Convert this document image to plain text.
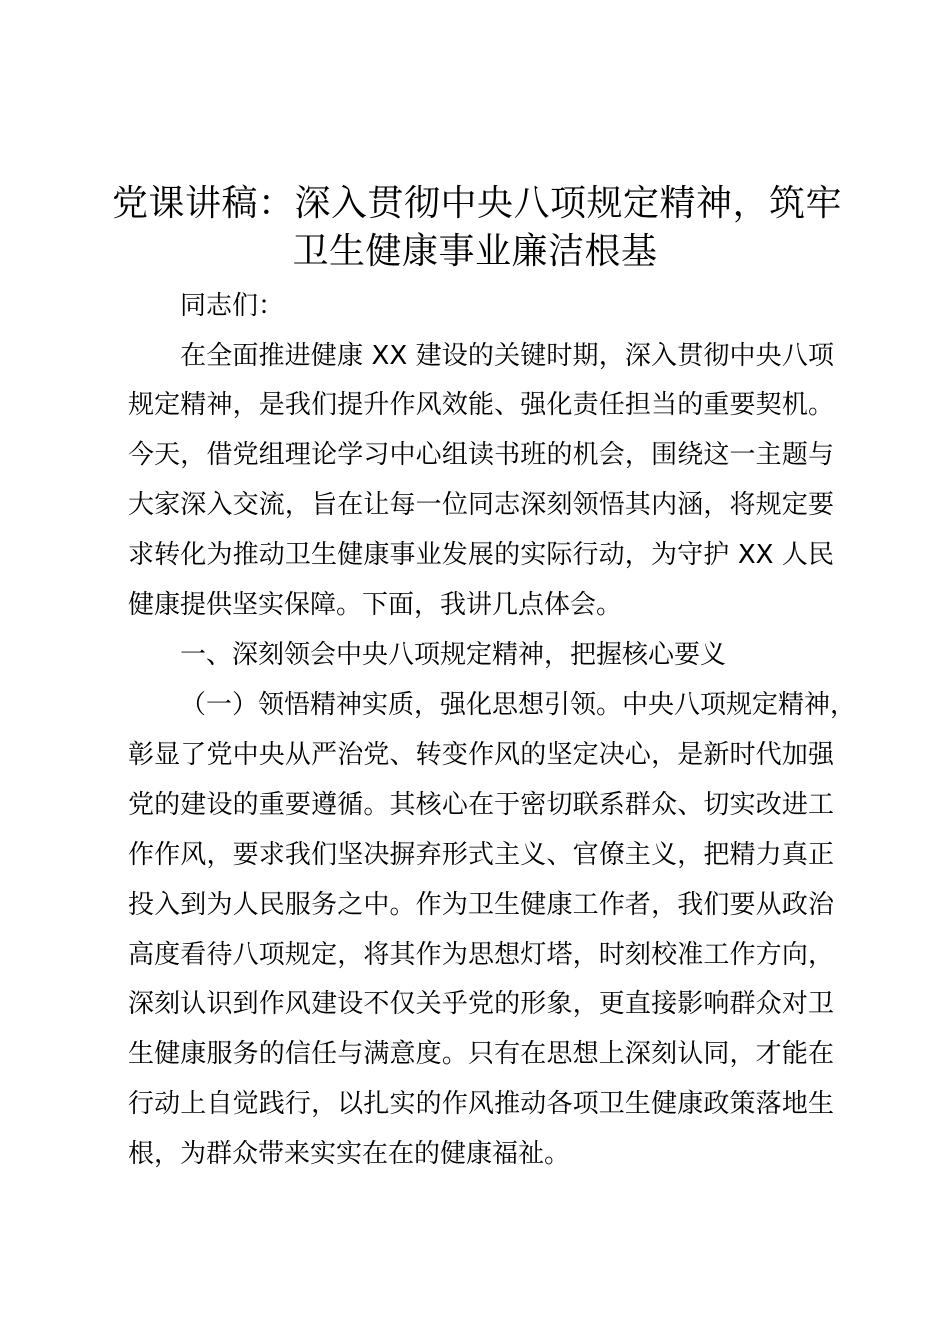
党课讲稿：深入贯彻中央八项规定精神，筑牢
卫生健康事业廉洁根基
同志们：
在全面推进健康 XX 建设的关键时期，深入贯彻中央八项
规定精神，是我们提升作风效能、强化责任担当的重要契机。
今天，借党组理论学习中心组读书班的机会，围绕这一主题与
大家深入交流，旨在让每一位同志深刻领悟其内涵，将规定要
求转化为推动卫生健康事业发展的实际行动，为守护 XX 人民
健康提供坚实保障。下面，我讲几点体会。
一、深刻领会中央八项规定精神，把握核心要义
（一）领悟精神实质，强化思想引领。中央八项规定精神，
彰显了党中央从严治党、转变作风的坚定决心，是新时代加强
党的建设的重要遵循。其核心在于密切联系群众、切实改进工
作作风，要求我们坚决摒弃形式主义、官僚主义，把精力真正
投入到为人民服务之中。作为卫生健康工作者，我们要从政治
高度看待八项规定，将其作为思想灯塔，时刻校准工作方向，
深刻认识到作风建设不仅关乎党的形象，更直接影响群众对卫
生健康服务的信任与满意度。只有在思想上深刻认同，才能在
行动上自觉践行，以扎实的作风推动各项卫生健康政策落地生
根，为群众带来实实在在的健康福祉。
